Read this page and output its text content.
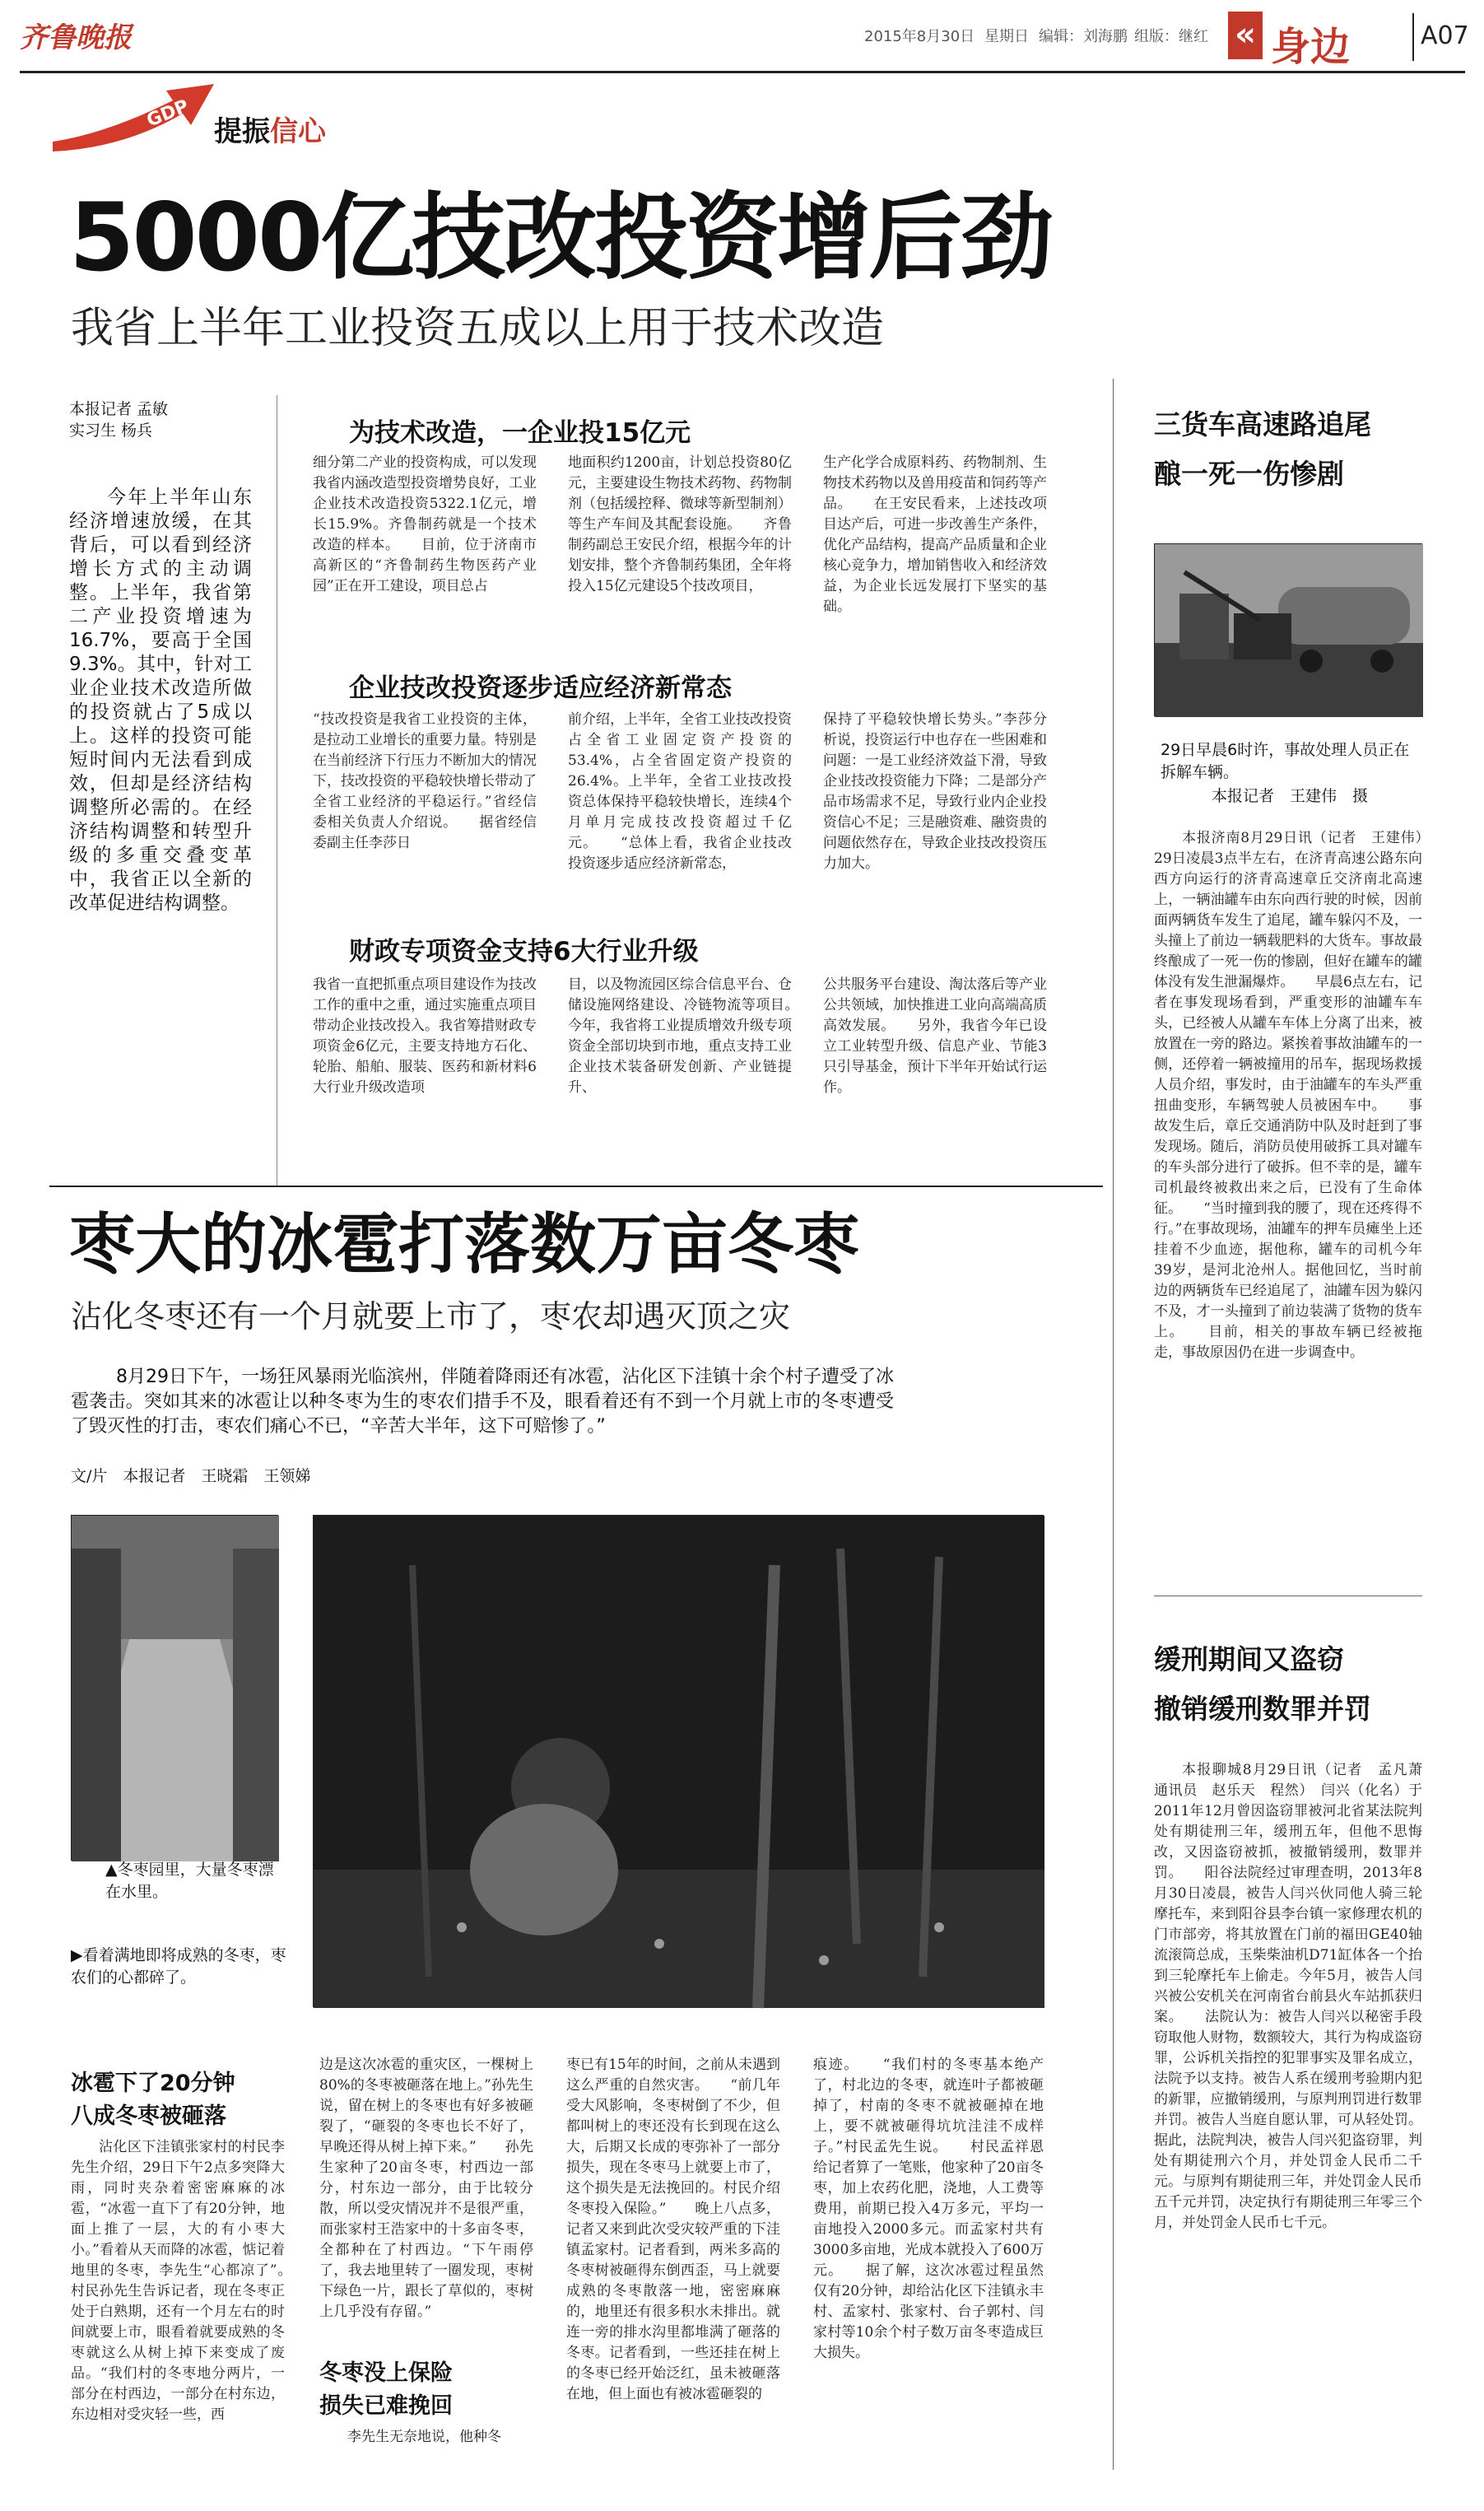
齐鲁晚报	2015年8月30日 星期日 编辑：刘海鹏 组版：继红 « 身边	A07
GDP
提振信心
5000亿技改投资增后劲
我省上半年工业投资五成以上用于技术改造
本报记者 孟敏
实习生 杨兵
今年上半年山东经济增速放缓，在其背后，可以看到经济增长方式的主动调整。上半年，我省第二产业投资增速为16.7%，要高于全国9.3%。其中，针对工业企业技术改造所做的投资就占了5成以上。这样的投资可能短时间内无法看到成效，但却是经济结构调整所必需的。在经济结构调整和转型升级的多重交叠变革中，我省正以全新的改革促进结构调整。
为技术改造，一企业投15亿元
细分第二产业的投资构成，可以发现我省内涵改造型投资增势良好，工业企业技术改造投资5322.1亿元，增长15.9%。齐鲁制药就是一个技术改造的样本。　　目前，位于济南市高新区的“齐鲁制药生物医药产业园”正在开工建设，项目总占
地面积约1200亩，计划总投资80亿元，主要建设生物技术药物、药物制剂（包括缓控释、微球等新型制剂）等生产车间及其配套设施。　　齐鲁制药副总王安民介绍，根据今年的计划安排，整个齐鲁制药集团，全年将投入15亿元建设5个技改项目，
生产化学合成原料药、药物制剂、生物技术药物以及兽用疫苗和饲药等产品。　　在王安民看来，上述技改项目达产后，可进一步改善生产条件，优化产品结构，提高产品质量和企业核心竞争力，增加销售收入和经济效益，为企业长远发展打下坚实的基础。
企业技改投资逐步适应经济新常态
“技改投资是我省工业投资的主体，是拉动工业增长的重要力量。特别是在当前经济下行压力不断加大的情况下，技改投资的平稳较快增长带动了全省工业经济的平稳运行。”省经信委相关负责人介绍说。　　据省经信委副主任李莎日
前介绍，上半年，全省工业技改投资占全省工业固定资产投资的53.4%，占全省固定资产投资的26.4%。上半年，全省工业技改投资总体保持平稳较快增长，连续4个月单月完成技改投资超过千亿元。　　“总体上看，我省企业技改投资逐步适应经济新常态，
保持了平稳较快增长势头。”李莎分析说，投资运行中也存在一些困难和问题：一是工业经济效益下滑，导致企业技改投资能力下降；二是部分产品市场需求不足，导致行业内企业投资信心不足；三是融资难、融资贵的问题依然存在，导致企业技改投资压力加大。
财政专项资金支持6大行业升级
我省一直把抓重点项目建设作为技改工作的重中之重，通过实施重点项目带动企业技改投入。我省筹措财政专项资金6亿元，主要支持地方石化、轮胎、船舶、服装、医药和新材料6大行业升级改造项
目，以及物流园区综合信息平台、仓储设施网络建设、冷链物流等项目。　　今年，我省将工业提质增效升级专项资金全部切块到市地，重点支持工业企业技术装备研发创新、产业链提升、
公共服务平台建设、淘汰落后等产业公共领域，加快推进工业向高端高质高效发展。　　另外，我省今年已设立工业转型升级、信息产业、节能3只引导基金，预计下半年开始试行运作。
三货车高速路追尾
酿一死一伤惨剧
29日早晨6时许，事故处理人员正在拆解车辆。
本报记者　王建伟　摄
本报济南8月29日讯（记者　王建伟）　29日凌晨3点半左右，在济青高速公路东向西方向运行的济青高速章丘交济南北高速上，一辆油罐车由东向西行驶的时候，因前面两辆货车发生了追尾，罐车躲闪不及，一头撞上了前边一辆载肥料的大货车。事故最终酿成了一死一伤的惨剧，但好在罐车的罐体没有发生泄漏爆炸。　　早晨6点左右，记者在事发现场看到，严重变形的油罐车车头，已经被人从罐车车体上分离了出来，被放置在一旁的路边。紧挨着事故油罐车的一侧，还停着一辆被撞用的吊车，据现场救援人员介绍，事发时，由于油罐车的车头严重扭曲变形，车辆驾驶人员被困车中。　　事故发生后，章丘交通消防中队及时赶到了事发现场。随后，消防员使用破拆工具对罐车的车头部分进行了破拆。但不幸的是，罐车司机最终被救出来之后，已没有了生命体征。　　“当时撞到我的腰了，现在还疼得不行。”在事故现场，油罐车的押车员瘫坐上还挂着不少血迹，据他称，罐车的司机今年39岁，是河北沧州人。据他回忆，当时前边的两辆货车已经追尾了，油罐车因为躲闪不及，才一头撞到了前边装满了货物的货车上。　　目前，相关的事故车辆已经被拖走，事故原因仍在进一步调查中。
缓刑期间又盗窃
撤销缓刑数罪并罚
本报聊城8月29日讯（记者　孟凡萧　通讯员　赵乐天　程然）　闫兴（化名）于2011年12月曾因盗窃罪被河北省某法院判处有期徒刑三年，缓刑五年，但他不思悔改，又因盗窃被抓，被撤销缓刑，数罪并罚。　　阳谷法院经过审理查明，2013年8月30日凌晨，被告人闫兴伙同他人骑三轮摩托车，来到阳谷县李台镇一家修理农机的门市部旁，将其放置在门前的福田GE40轴流滚筒总成，玉柴柴油机D71缸体各一个抬到三轮摩托车上偷走。今年5月，被告人闫兴被公安机关在河南省台前县火车站抓获归案。　　法院认为：被告人闫兴以秘密手段窃取他人财物，数额较大，其行为构成盗窃罪，公诉机关指控的犯罪事实及罪名成立，法院予以支持。被告人系在缓刑考验期内犯的新罪，应撤销缓刑，与原判刑罚进行数罪并罚。被告人当庭自愿认罪，可从轻处罚。据此，法院判决，被告人闫兴犯盗窃罪，判处有期徒刑六个月，并处罚金人民币二千元。与原判有期徒刑三年，并处罚金人民币五千元并罚，决定执行有期徒刑三年零三个月，并处罚金人民币七千元。
枣大的冰雹打落数万亩冬枣
沾化冬枣还有一个月就要上市了，枣农却遇灭顶之灾
8月29日下午，一场狂风暴雨光临滨州，伴随着降雨还有冰雹，沾化区下洼镇十余个村子遭受了冰雹袭击。突如其来的冰雹让以种冬枣为生的枣农们措手不及，眼看着还有不到一个月就上市的冬枣遭受了毁灭性的打击，枣农们痛心不已，“辛苦大半年，这下可赔惨了。”
文/片　本报记者　王晓霜　王领娣
▲冬枣园里，大量冬枣漂在水里。
▶看着满地即将成熟的冬枣，枣农们的心都碎了。
冰雹下了20分钟
八成冬枣被砸落
沾化区下洼镇张家村的村民李先生介绍，29日下午2点多突降大雨，同时夹杂着密密麻麻的冰雹，“冰雹一直下了有20分钟，地面上推了一层，大的有小枣大小。”看着从天而降的冰雹，惦记着地里的冬枣，李先生“心都凉了”。　　村民孙先生告诉记者，现在冬枣正处于白熟期，还有一个月左右的时间就要上市，眼看着就要成熟的冬枣就这么从树上掉下来变成了废品。“我们村的冬枣地分两片，一部分在村西边，一部分在村东边，东边相对受灾轻一些，西
边是这次冰雹的重灾区，一棵树上80%的冬枣被砸落在地上。”孙先生说，留在树上的冬枣也有好多被砸裂了，“砸裂的冬枣也长不好了，早晚还得从树上掉下来。”　　孙先生家种了20亩冬枣，村西边一部分，村东边一部分，由于比较分散，所以受灾情况并不是很严重，而张家村王浩家中的十多亩冬枣，全都种在了村西边。“下午雨停了，我去地里转了一圈发现，枣树下绿色一片，跟长了草似的，枣树上几乎没有存留。”
冬枣没上保险
损失已难挽回
李先生无奈地说，他种冬
枣已有15年的时间，之前从未遇到这么严重的自然灾害。　　“前几年受大风影响，冬枣树倒了不少，但都叫树上的枣还没有长到现在这么大，后期又长成的枣弥补了一部分损失，现在冬枣马上就要上市了，这个损失是无法挽回的。村民介绍冬枣投入保险。”　　晚上八点多，记者又来到此次受灾较严重的下洼镇孟家村。记者看到，两米多高的冬枣树被砸得东倒西歪，马上就要成熟的冬枣散落一地，密密麻麻的，地里还有很多积水未排出。就连一旁的排水沟里都堆满了砸落的冬枣。记者看到，一些还挂在树上的冬枣已经开始泛红，虽未被砸落在地，但上面也有被冰雹砸裂的
痕迹。　　“我们村的冬枣基本绝产了，村北边的冬枣，就连叶子都被砸掉了，村南的冬枣不就被砸掉在地上，要不就被砸得坑坑洼洼不成样子。”村民孟先生说。　　村民孟祥恩给记者算了一笔账，他家种了20亩冬枣，加上农药化肥，浇地，人工费等费用，前期已投入4万多元，平均一亩地投入2000多元。而孟家村共有3000多亩地，光成本就投入了600万元。　　据了解，这次冰雹过程虽然仅有20分钟，却给沾化区下洼镇永丰村、孟家村、张家村、台子郭村、闫家村等10余个村子数万亩冬枣造成巨大损失。
